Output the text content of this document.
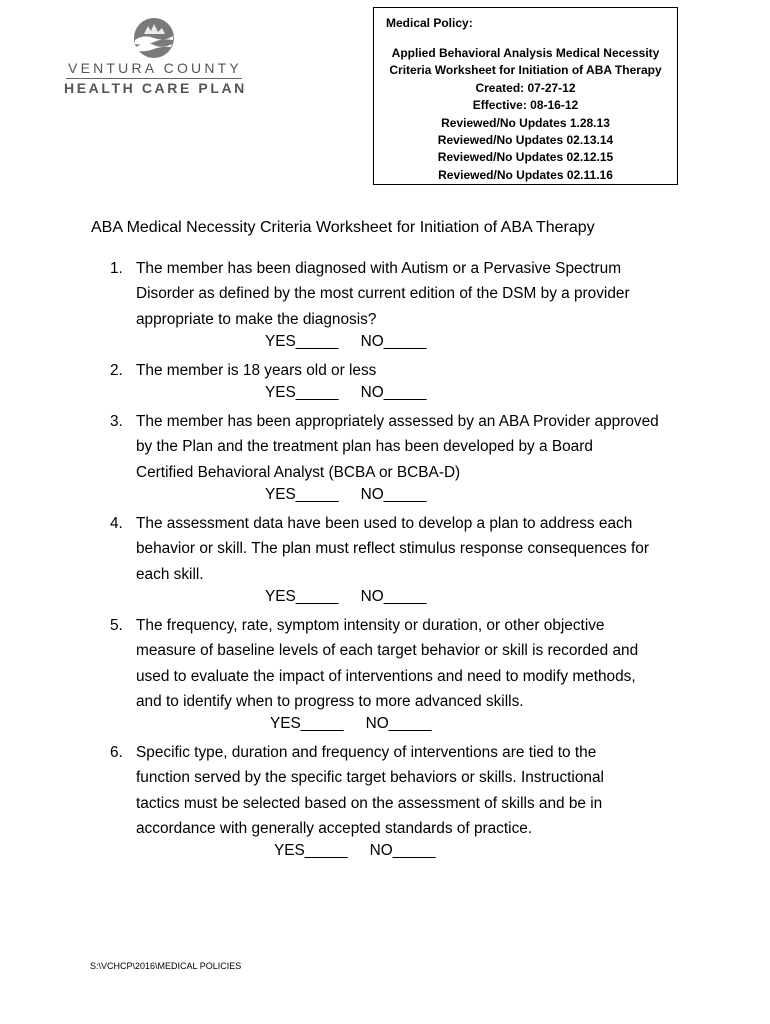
VENTURA COUNTY
HEALTH CARE PLAN
Medical Policy:
Applied Behavioral Analysis Medical Necessity
Criteria Worksheet for Initiation of ABA Therapy
Created: 07-27-12
Effective: 08-16-12
Reviewed/No Updates 1.28.13
Reviewed/No Updates 02.13.14
Reviewed/No Updates 02.12.15
Reviewed/No Updates 02.11.16
ABA Medical Necessity Criteria Worksheet for Initiation of ABA Therapy
1. The member has been diagnosed with Autism or a Pervasive Spectrum
Disorder as defined by the most current edition of the DSM by a provider
appropriate to make the diagnosis?
YES_____ NO_____
2. The member is 18 years old or less
YES_____ NO_____
3. The member has been appropriately assessed by an ABA Provider approved
by the Plan and the treatment plan has been developed by a Board
Certified Behavioral Analyst (BCBA or BCBA-D)
YES_____ NO_____
4. The assessment data have been used to develop a plan to address each
behavior or skill. The plan must reflect stimulus response consequences for
each skill.
YES_____ NO_____
5. The frequency, rate, symptom intensity or duration, or other objective
measure of baseline levels of each target behavior or skill is recorded and
used to evaluate the impact of interventions and need to modify methods,
and to identify when to progress to more advanced skills.
YES_____ NO_____
6. Specific type, duration and frequency of interventions are tied to the
function served by the specific target behaviors or skills. Instructional
tactics must be selected based on the assessment of skills and be in
accordance with generally accepted standards of practice.
YES_____ NO_____
S:\VCHCP\2016\MEDICAL POLICIES
